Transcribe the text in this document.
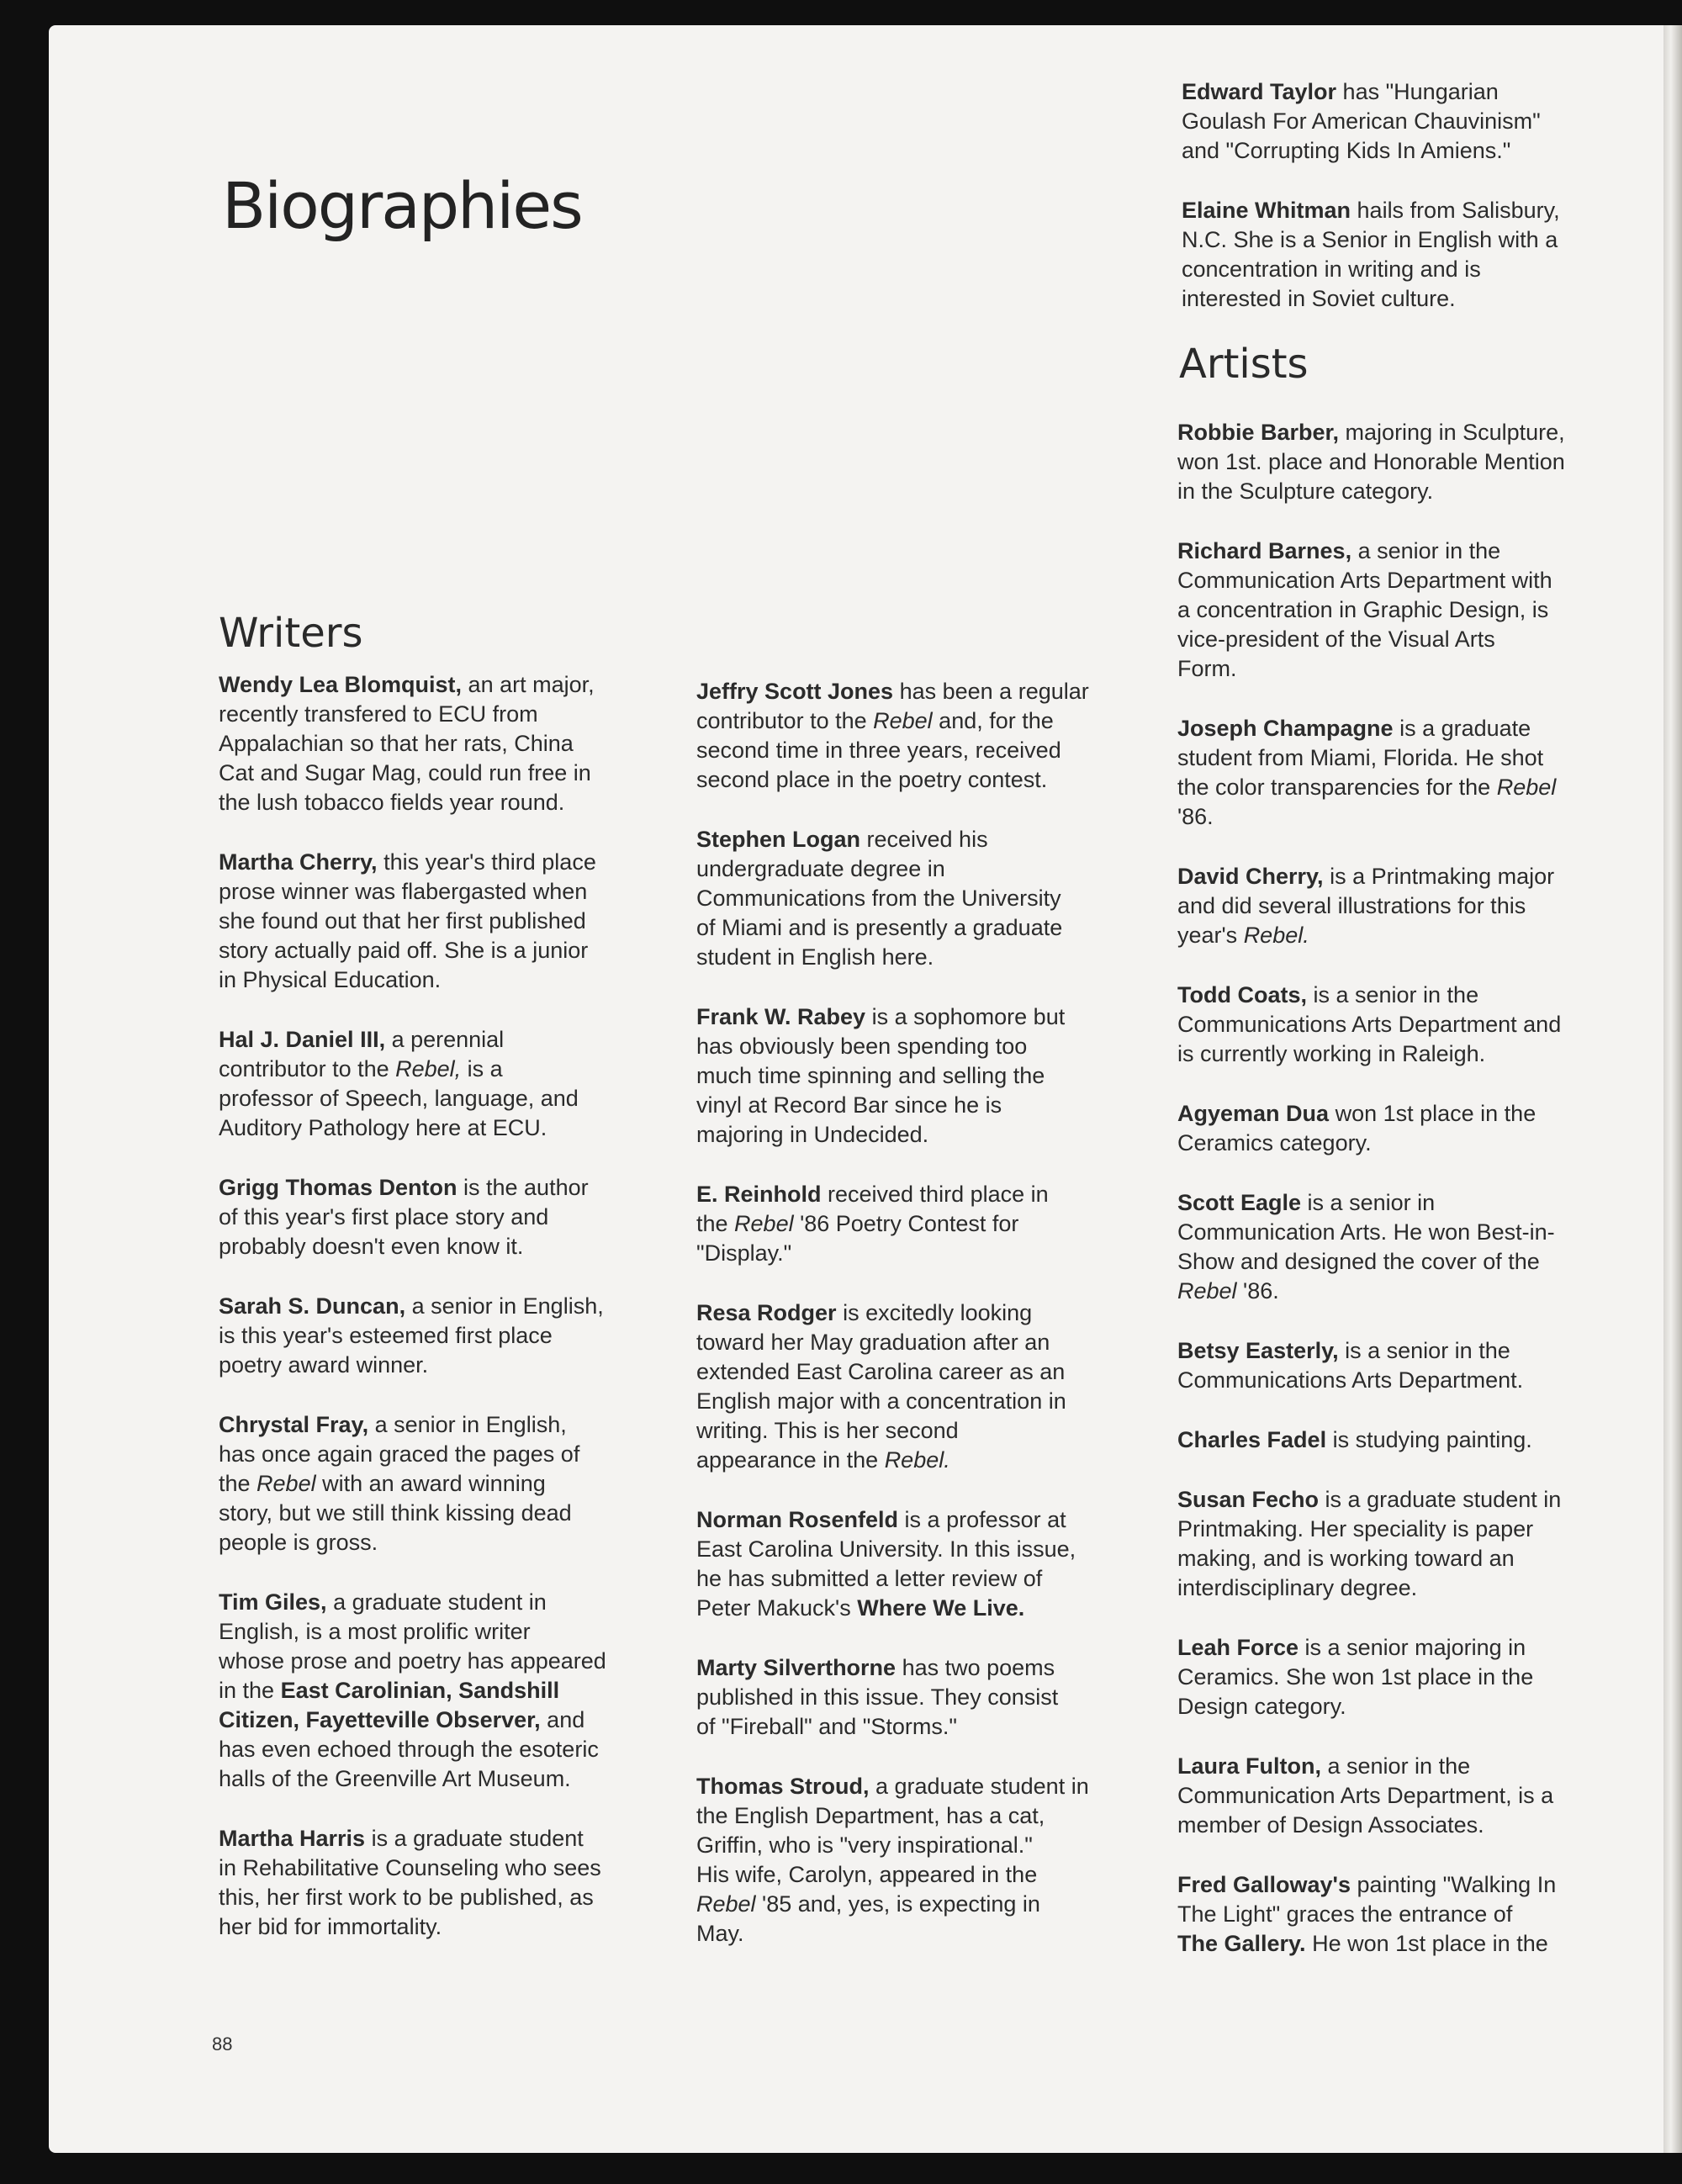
Biographies
Writers

Wendy Lea Blomquist, an art major,
recently transfered to ECU from
Appalachian so that her rats, China
Cat and Sugar Mag, could run free in
the lush tobacco fields year round.

Martha Cherry, this year's third place
prose winner was flabergasted when
she found out that her first published
story actually paid off. She is a junior
in Physical Education.

Hal J. Daniel III, a perennial
contributor to the Rebel, is a
professor of Speech, language, and
Auditory Pathology here at ECU.

Grigg Thomas Denton is the author
of this year's first place story and
probably doesn't even know it.

Sarah S. Duncan, a senior in English,
is this year's esteemed first place
poetry award winner.

Chrystal Fray, a senior in English,
has once again graced the pages of
the Rebel with an award winning
story, but we still think kissing dead
people is gross.

Tim Giles, a graduate student in
English, is a most prolific writer
whose prose and poetry has appeared
in the East Carolinian, Sandshill
Citizen, Fayetteville Observer, and
has even echoed through the esoteric
halls of the Greenville Art Museum.

Martha Harris is a graduate student
in Rehabilitative Counseling who sees
this, her first work to be published, as
her bid for immortality.

Jeffry Scott Jones has been a regular
contributor to the Rebel and, for the
second time in three years, received
second place in the poetry contest.

Stephen Logan received his
undergraduate degree in
Communications from the University
of Miami and is presently a graduate
student in English here.

Frank W. Rabey is a sophomore but
has obviously been spending too
much time spinning and selling the
vinyl at Record Bar since he is
majoring in Undecided.

E. Reinhold received third place in
the Rebel '86 Poetry Contest for
"Display."

Resa Rodger is excitedly looking
toward her May graduation after an
extended East Carolina career as an
English major with a concentration in
writing. This is her second
appearance in the Rebel.

Norman Rosenfeld is a professor at
East Carolina University. In this issue,
he has submitted a letter review of
Peter Makuck's Where We Live.

Marty Silverthorne has two poems
published in this issue. They consist
of "Fireball" and "Storms."

Thomas Stroud, a graduate student in
the English Department, has a cat,
Griffin, who is "very inspirational."
His wife, Carolyn, appeared in the
Rebel '85 and, yes, is expecting in
May.

Edward Taylor has "Hungarian
Goulash For American Chauvinism"
and "Corrupting Kids In Amiens."

Elaine Whitman hails from Salisbury,
N.C. She is a Senior in English with a
concentration in writing and is
interested in Soviet culture.

Artists

Robbie Barber, majoring in Sculpture,
won 1st. place and Honorable Mention
in the Sculpture category.

Richard Barnes, a senior in the
Communication Arts Department with
a concentration in Graphic Design, is
vice-president of the Visual Arts
Form.

Joseph Champagne is a graduate
student from Miami, Florida. He shot
the color transparencies for the Rebel
'86.

David Cherry, is a Printmaking major
and did several illustrations for this
year's Rebel.

Todd Coats, is a senior in the
Communications Arts Department and
is currently working in Raleigh.

Agyeman Dua won 1st place in the
Ceramics category.

Scott Eagle is a senior in
Communication Arts. He won Best-in-
Show and designed the cover of the
Rebel '86.

Betsy Easterly, is a senior in the
Communications Arts Department.

Charles Fadel is studying painting.

Susan Fecho is a graduate student in
Printmaking. Her speciality is paper
making, and is working toward an
interdisciplinary degree.

Leah Force is a senior majoring in
Ceramics. She won 1st place in the
Design category.

Laura Fulton, a senior in the
Communication Arts Department, is a
member of Design Associates.

Fred Galloway's painting "Walking In
The Light" graces the entrance of
The Gallery. He won 1st place in the

88
